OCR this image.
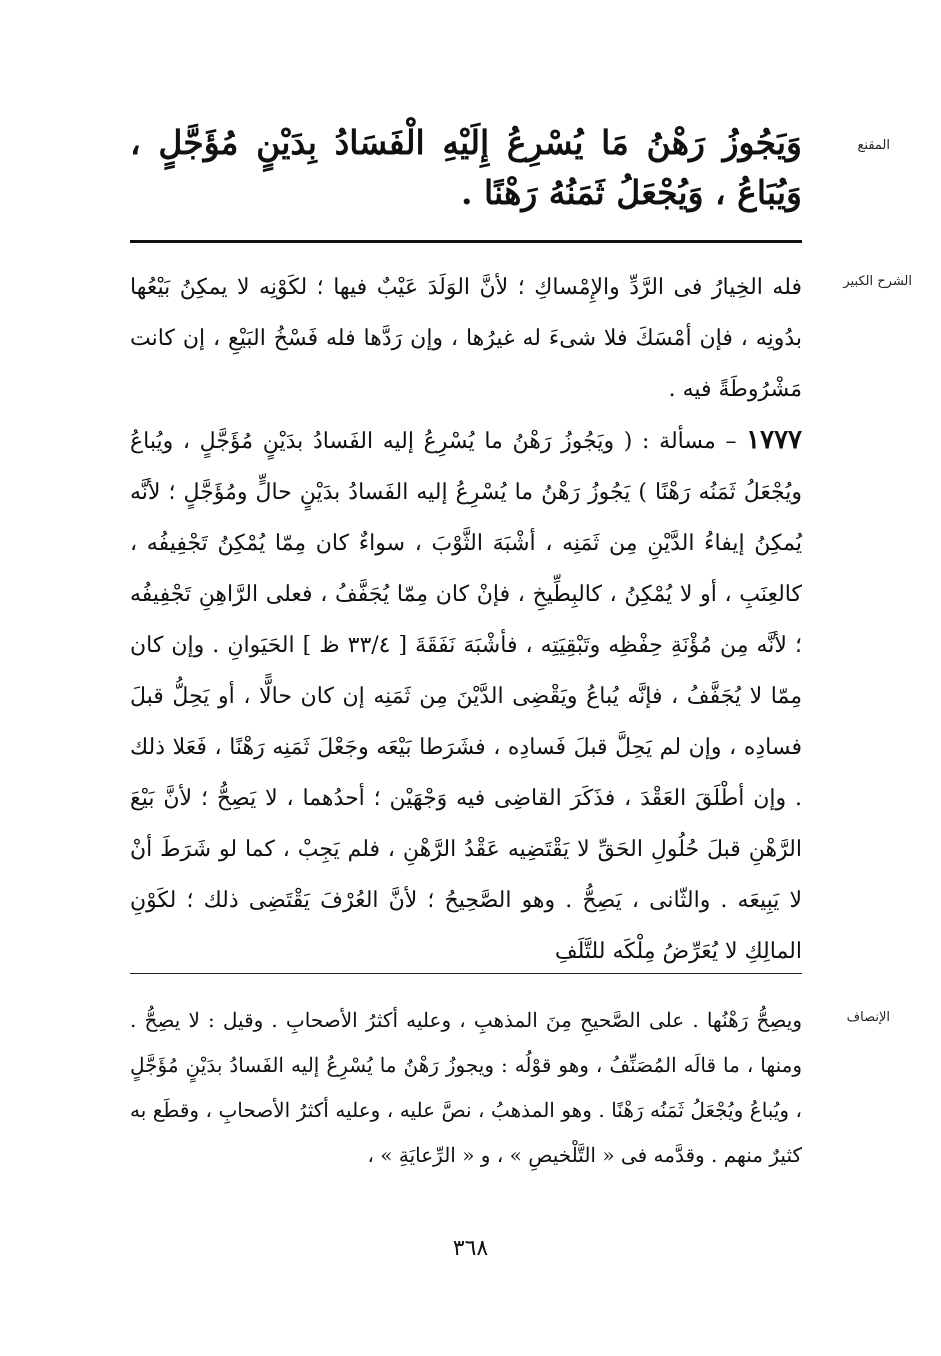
المقنع
وَيَجُوزُ رَهْنُ مَا يُسْرِعُ إِلَيْهِ الْفَسَادُ بِدَيْنٍ مُؤَجَّلٍ ، وَيُبَاعُ ، وَيُجْعَلُ ثَمَنُهُ رَهْنًا .
الشرح الكبير

فله الخِيارُ فى الرَّدِّ والإِمْساكِ ؛ لأنَّ الوَلَدَ عَيْبٌ فيها ؛ لكَوْنِه لا يمكِنُ بَيْعُها بدُونِه ، فإن أمْسَكَ فلا شىءَ له غيرُها ، وإن رَدَّها فله فَسْخُ البَيْعِ ، إن كانت مَشْرُوطَةً فيه .

١٧٧٧ – مسألة : ( ويَجُوزُ رَهْنُ ما يُسْرِعُ إليه الفَسادُ بدَيْنٍ مُؤَجَّلٍ ، ويُباعُ ويُجْعَلُ ثَمَنُه رَهْنًا ) يَجُوزُ رَهْنُ ما يُسْرِعُ إليه الفَسادُ بدَيْنٍ حالٍّ ومُؤَجَّلٍ ؛ لأنَّه يُمكِنُ إيفاءُ الدَّيْنِ مِن ثَمَنِه ، أشْبَهَ الثَّوْبَ ، سواءٌ كان مِمّا يُمْكِنُ تَجْفِيفُه ، كالعِنَبِ ، أو لا يُمْكِنُ ، كالبِطِّيخِ ، فإنْ كان مِمّا يُجَفَّفُ ، فعلى الرَّاهِنِ تَجْفِيفُه ؛ لأنَّه مِن مُؤْنَةِ حِفْظِه وتَبْقِيَتِه ، فأشْبَهَ نَفَقَةَ [ ٣٣/٤ ظ ] الحَيَوانِ . وإن كان مِمّا لا يُجَفَّفُ ، فإنَّه يُباعُ ويَقْضِى الدَّيْنَ مِن ثَمَنِه إن كان حالًّا ، أو يَحِلُّ قبلَ فسادِه ، وإن لم يَحِلَّ قبلَ فَسادِه ، فشَرَطا بَيْعَه وجَعْلَ ثَمَنِه رَهْنًا ، فَعَلا ذلك . وإن أطْلَقَ العَقْدَ ، فذَكَرَ القاضِى فيه وَجْهَيْن ؛ أحدُهما ، لا يَصِحُّ ؛ لأنَّ بَيْعَ الرَّهْنِ قبلَ حُلُولِ الحَقِّ لا يَقْتَضِيه عَقْدُ الرَّهْنِ ، فلم يَجِبْ ، كما لو شَرَطَ أنْ لا يَبِيعَه . والثّانى ، يَصِحُّ . وهو الصَّحِيحُ ؛ لأنَّ العُرْفَ يَقْتَضِى ذلك ؛ لكَوْنِ المالِكِ لا يُعَرِّضُ مِلْكَه للتَّلَفِ

الإنصاف

ويصِحُّ رَهْنُها . على الصَّحيحِ مِنَ المذهبِ ، وعليه أكثرُ الأصحابِ . وقيل : لا يصِحُّ . ومنها ، ما قالَه المُصَنِّفُ ، وهو قوْلُه : ويجوزُ رَهْنُ ما يُسْرِعُ إليه الفَسادُ بدَيْنٍ مُؤَجَّلٍ ، ويُباعُ ويُجْعَلُ ثَمَنُه رَهْنًا . وهو المذهبُ ، نصَّ عليه ، وعليه أكثرُ الأصحابِ ، وقطَع به كثيرٌ منهم . وقدَّمه فى « التَّلْخيصِ » ، و « الرِّعايَةِ » ،

٣٦٨
